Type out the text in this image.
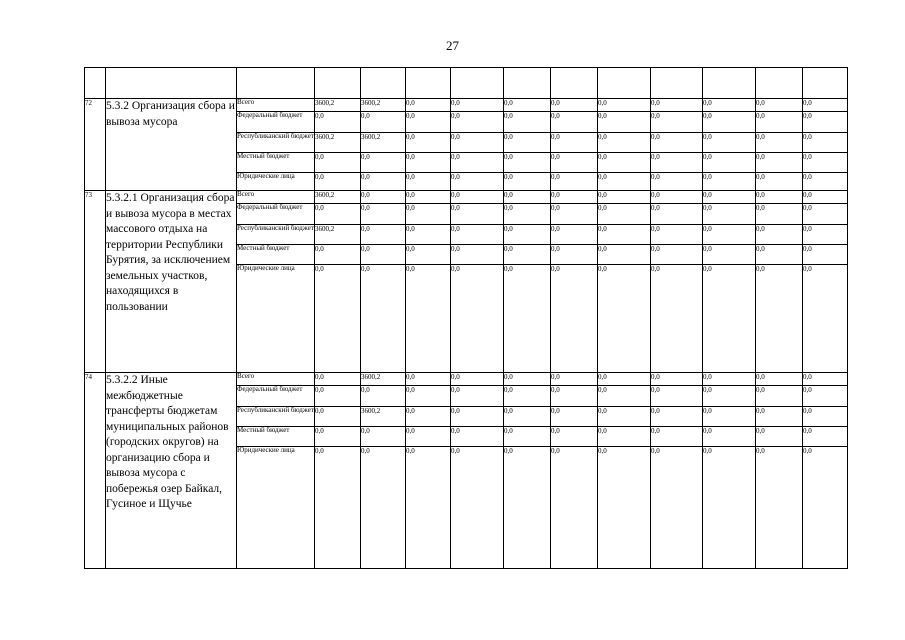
27

72	5.3.2 Организация сбора и вывоза мусора	Всего	3600,2	3600,2	0,0	0,0	0,0	0,0	0,0	0,0	0,0	0,0	0,0
		Федеральный бюджет	0,0	0,0	0,0	0,0	0,0	0,0	0,0	0,0	0,0	0,0	0,0
		Республиканский бюджет	3600,2	3600,2	0,0	0,0	0,0	0,0	0,0	0,0	0,0	0,0	0,0
		Местный бюджет	0,0	0,0	0,0	0,0	0,0	0,0	0,0	0,0	0,0	0,0	0,0
		Юридические лица	0,0	0,0	0,0	0,0	0,0	0,0	0,0	0,0	0,0	0,0	0,0
73	5.3.2.1 Организация сбора и вывоза мусора в местах массового отдыха на территории Республики Бурятия, за исключением земельных участков, находящихся в пользовании	Всего	3600,2	0,0	0,0	0,0	0,0	0,0	0,0	0,0	0,0	0,0	0,0
		Федеральный бюджет	0,0	0,0	0,0	0,0	0,0	0,0	0,0	0,0	0,0	0,0	0,0
		Республиканский бюджет	3600,2	0,0	0,0	0,0	0,0	0,0	0,0	0,0	0,0	0,0	0,0
		Местный бюджет	0,0	0,0	0,0	0,0	0,0	0,0	0,0	0,0	0,0	0,0	0,0
		Юридические лица	0,0	0,0	0,0	0,0	0,0	0,0	0,0	0,0	0,0	0,0	0,0
74	5.3.2.2 Иные межбюджетные трансферты бюджетам муниципальных районов (городских округов) на организацию сбора и вывоза мусора с побережья озер Байкал, Гусиное и Щучье	Всего	0,0	3600,2	0,0	0,0	0,0	0,0	0,0	0,0	0,0	0,0	0,0
		Федеральный бюджет	0,0	0,0	0,0	0,0	0,0	0,0	0,0	0,0	0,0	0,0	0,0
		Республиканский бюджет	0,0	3600,2	0,0	0,0	0,0	0,0	0,0	0,0	0,0	0,0	0,0
		Местный бюджет	0,0	0,0	0,0	0,0	0,0	0,0	0,0	0,0	0,0	0,0	0,0
		Юридические лица	0,0	0,0	0,0	0,0	0,0	0,0	0,0	0,0	0,0	0,0	0,0
